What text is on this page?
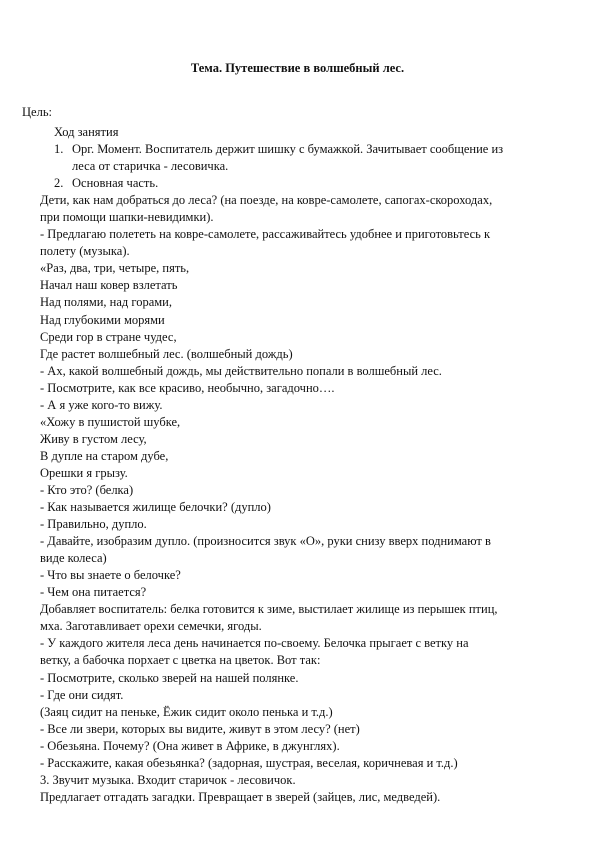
Тема. Путешествие в волшебный лес.
Цель:
Ход занятия
1. Орг. Момент. Воспитатель держит шишку с бумажкой. Зачитывает сообщение из
леса от старичка - лесовичка.
2. Основная часть.
Дети, как нам добраться до леса? (на поезде, на ковре-самолете, сапогах-скороходах,
при помощи шапки-невидимки).
- Предлагаю полететь на ковре-самолете, рассаживайтесь удобнее и приготовьтесь к
полету (музыка).
«Раз, два, три, четыре, пять,
Начал наш ковер взлетать
Над полями, над горами,
Над глубокими морями
Среди гор в стране чудес,
Где растет волшебный лес. (волшебный дождь)
- Ах, какой волшебный дождь, мы действительно попали в волшебный лес.
- Посмотрите, как все красиво, необычно, загадочно….
- А я уже кого-то вижу.
«Хожу в пушистой шубке,
Живу в густом лесу,
В дупле на старом дубе,
Орешки я грызу.
- Кто это? (белка)
- Как называется жилище белочки? (дупло)
- Правильно, дупло.
- Давайте, изобразим дупло. (произносится звук «О», руки снизу вверх поднимают в
виде колеса)
- Что вы знаете о белочке?
- Чем она питается?
Добавляет воспитатель: белка готовится к зиме, выстилает жилище из перышек птиц,
мха. Заготавливает орехи семечки, ягоды.
- У каждого жителя леса день начинается по-своему. Белочка прыгает с ветку на
ветку, а бабочка порхает с цветка на цветок. Вот так:
- Посмотрите, сколько зверей на нашей полянке.
- Где они сидят.
(Заяц сидит на пеньке, Ёжик сидит около пенька и т.д.)
- Все ли звери, которых вы видите, живут в этом лесу? (нет)
- Обезьяна. Почему? (Она живет в Африке, в джунглях).
- Расскажите, какая обезьянка? (задорная, шустрая, веселая, коричневая и т.д.)
3. Звучит музыка. Входит старичок - лесовичок.
Предлагает отгадать загадки. Превращает в зверей (зайцев, лис, медведей).
